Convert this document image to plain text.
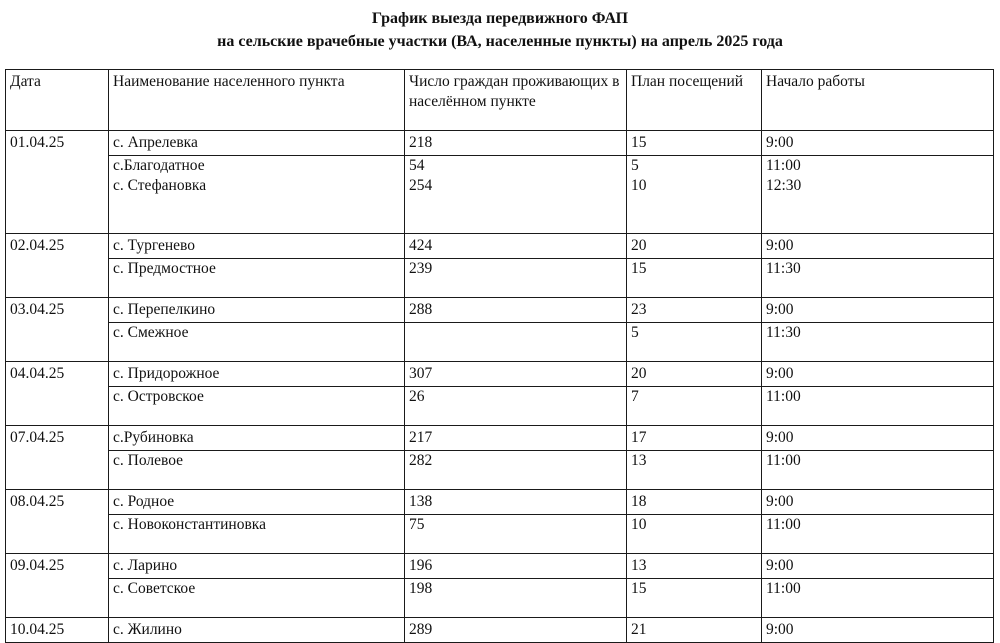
График выезда передвижного ФАП
на сельские врачебные участки (ВА, населенные пункты) на апрель 2025 года
Дата	Наименование населенного пункта	Число граждан проживающих в населённом пункте	План посещений	Начало работы
01.04.25	с. Апрелевка	218	15	9:00
	с.Благодатное	54	5	11:00
	с. Стефановка	254	10	12:30

02.04.25	с. Тургенево	424	20	9:00
	с. Предмостное	239	15	11:30

03.04.25	с. Перепелкино	288	23	9:00
	с. Смежное		5	11:30

04.04.25	с. Придорожное	307	20	9:00
	с. Островское	26	7	11:00

07.04.25	с.Рубиновка	217	17	9:00
	с. Полевое	282	13	11:00

08.04.25	с. Родное	138	18	9:00
	с. Новоконстантиновка	75	10	11:00

09.04.25	с. Ларино	196	13	9:00
	с. Советское	198	15	11:00

10.04.25	с. Жилино	289	21	9:00
